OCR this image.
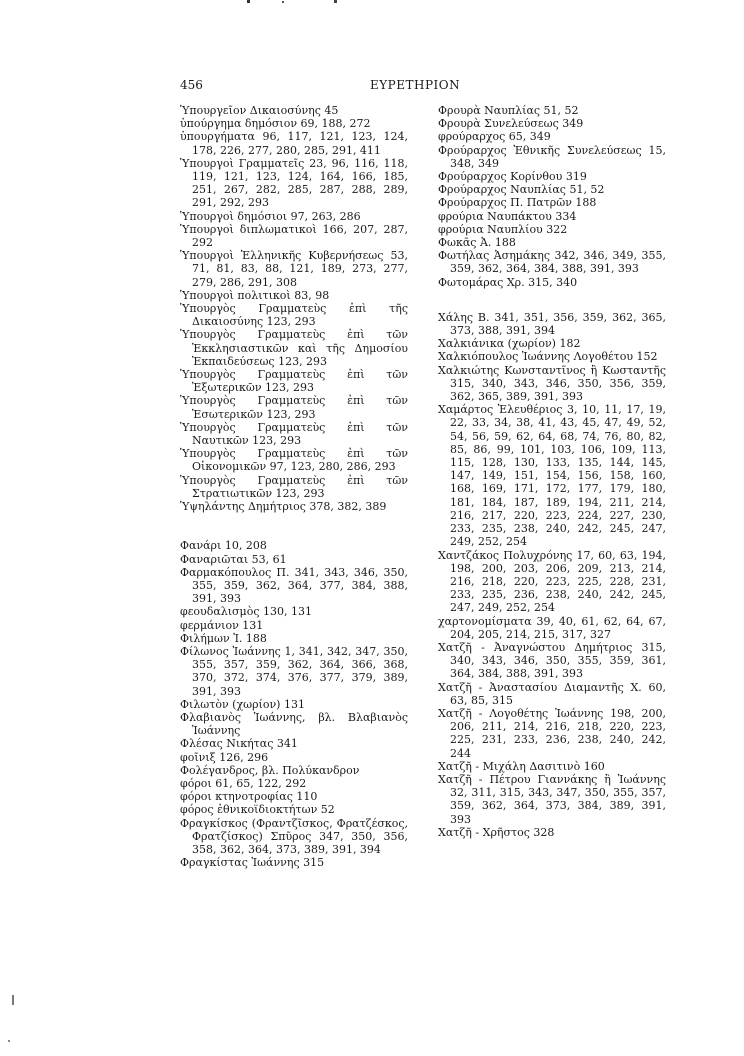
456	ΕΥΡΕΤΗΡΙΟΝ
Ὑπουργεῖον Δικαιοσύνης 45
ὑπούργημα δημόσιον 69, 188, 272
ὑπουργήματα 96, 117, 121, 123, 124, 178, 226, 277, 280, 285, 291, 411
Ὑπουργοὶ Γραμματεῖς 23, 96, 116, 118, 119, 121, 123, 124, 164, 166, 185, 251, 267, 282, 285, 287, 288, 289, 291, 292, 293
Ὑπουργοὶ δημόσιοι 97, 263, 286
Ὑπουργοὶ διπλωματικοὶ 166, 207, 287, 292
Ὑπουργοὶ Ἑλληνικῆς Κυβερνήσεως 53, 71, 81, 83, 88, 121, 189, 273, 277, 279, 286, 291, 308
Ὑπουργοὶ πολιτικοὶ 83, 98
Ὑπουργὸς Γραμματεὺς ἐπὶ τῆς Δικαιοσύνης 123, 293
Ὑπουργὸς Γραμματεὺς ἐπὶ τῶν Ἐκκλησιαστικῶν καὶ τῆς Δημοσίου Ἐκπαιδεύσεως 123, 293
Ὑπουργὸς Γραμματεὺς ἐπὶ τῶν Ἐξωτερικῶν 123, 293
Ὑπουργὸς Γραμματεὺς ἐπὶ τῶν Ἐσωτερικῶν 123, 293
Ὑπουργὸς Γραμματεὺς ἐπὶ τῶν Ναυτικῶν 123, 293
Ὑπουργὸς Γραμματεὺς ἐπὶ τῶν Οἰκονομικῶν 97, 123, 280, 286, 293
Ὑπουργὸς Γραμματεὺς ἐπὶ τῶν Στρατιωτικῶν 123, 293
Ὑψηλάντης Δημήτριος 378, 382, 389
Φανάρι 10, 208
Φαναριῶται 53, 61
Φαρμακόπουλος Π. 341, 343, 346, 350, 355, 359, 362, 364, 377, 384, 388, 391, 393
φεουδαλισμὸς 130, 131
φερμάνιον 131
Φιλήμων Ἰ. 188
Φίλωνος Ἰωάννης 1, 341, 342, 347, 350, 355, 357, 359, 362, 364, 366, 368, 370, 372, 374, 376, 377, 379, 389, 391, 393
Φιλωτὸν (χωρίον) 131
Φλαβιανὸς Ἰωάννης, βλ. Βλαβιανὸς Ἰωάννης
Φλέσας Νικήτας 341
φοῖνιξ 126, 296
Φολέγανδρος, βλ. Πολύκανδρον
φόροι 61, 65, 122, 292
φόροι κτηνοτροφίας 110
φόρος ἐθνικοϊδιοκτήτων 52
Φραγκίσκος (Φραντζῖσκος, Φρατζέσκος, Φρατζίσκος) Σπῦρος 347, 350, 356, 358, 362, 364, 373, 389, 391, 394
Φραγκίστας Ἰωάννης 315
Φρουρὰ Ναυπλίας 51, 52
Φρουρὰ Συνελεύσεως 349
φρούραρχος 65, 349
Φρούραρχος Ἐθνικῆς Συνελεύσεως 15, 348, 349
Φρούραρχος Κορίνθου 319
Φρούραρχος Ναυπλίας 51, 52
Φρούραρχος Π. Πατρῶν 188
φρούρια Ναυπάκτου 334
φρούρια Ναυπλίου 322
Φωκᾶς Ἀ. 188
Φωτήλας Ἀσημάκης 342, 346, 349, 355, 359, 362, 364, 384, 388, 391, 393
Φωτομάρας Χρ. 315, 340
Χάλης Β. 341, 351, 356, 359, 362, 365, 373, 388, 391, 394
Χαλκιάνικα (χωρίον) 182
Χαλκιόπουλος Ἰωάννης Λογοθέτου 152
Χαλκιώτης Κωνσταντῖνος ἢ Κωσταντῆς 315, 340, 343, 346, 350, 356, 359, 362, 365, 389, 391, 393
Χαμάρτος Ἐλευθέριος 3, 10, 11, 17, 19, 22, 33, 34, 38, 41, 43, 45, 47, 49, 52, 54, 56, 59, 62, 64, 68, 74, 76, 80, 82, 85, 86, 99, 101, 103, 106, 109, 113, 115, 128, 130, 133, 135, 144, 145, 147, 149, 151, 154, 156, 158, 160, 168, 169, 171, 172, 177, 179, 180, 181, 184, 187, 189, 194, 211, 214, 216, 217, 220, 223, 224, 227, 230, 233, 235, 238, 240, 242, 245, 247, 249, 252, 254
Χαντζάκος Πολυχρόνης 17, 60, 63, 194, 198, 200, 203, 206, 209, 213, 214, 216, 218, 220, 223, 225, 228, 231, 233, 235, 236, 238, 240, 242, 245, 247, 249, 252, 254
χαρτονομίσματα 39, 40, 61, 62, 64, 67, 204, 205, 214, 215, 317, 327
Χατζῆ - Ἀναγνώστου Δημήτριος 315, 340, 343, 346, 350, 355, 359, 361, 364, 384, 388, 391, 393
Χατζῆ - Ἀναστασίου Διαμαντῆς Χ. 60, 63, 85, 315
Χατζῆ - Λογοθέτης Ἰωάννης 198, 200, 206, 211, 214, 216, 218, 220, 223, 225, 231, 233, 236, 238, 240, 242, 244
Χατζῆ - Μιχάλη Δασιτινὸ 160
Χατζῆ - Πέτρου Γιαννάκης ἢ Ἰωάννης 32, 311, 315, 343, 347, 350, 355, 357, 359, 362, 364, 373, 384, 389, 391, 393
Χατζῆ - Χρῆστος 328
